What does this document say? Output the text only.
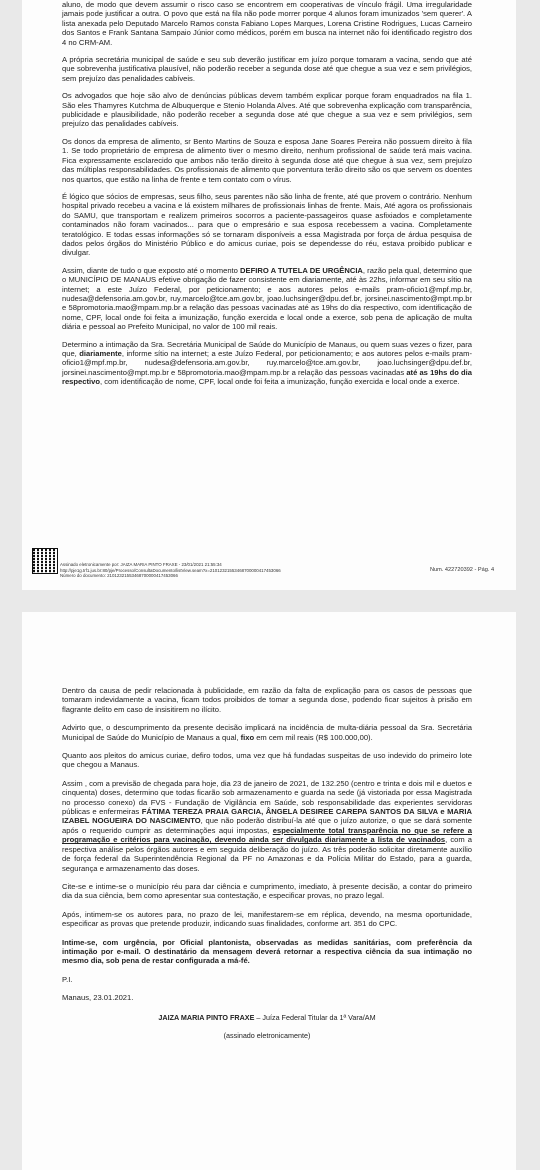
aluno, de modo que devem assumir o risco caso se encontrem em cooperativas de vínculo frágil. Uma irregularidade jamais pode justificar a outra. O povo que está na fila não pode morrer porque 4 alunos foram imunizados 'sem querer'. A lista anexada pelo Deputado Marcelo Ramos consta Fabiano Lopes Marques, Lorena Cristine Rodrigues, Lucas Carneiro dos Santos e Frank Santana Sampaio Júnior como médicos, porém em busca na internet não foi identificado registro dos 4 no CRM-AM.

A própria secretária municipal de saúde e seu sub deverão justificar em juízo porque tomaram a vacina, sendo que até que sobrevenha justificativa plausível, não poderão receber a segunda dose até que chegue a sua vez e sem privilégios, sem prejuízo das penalidades cabíveis.

Os advogados que hoje são alvo de denúncias públicas devem também explicar porque foram enquadrados na fila 1. São eles Thamyres Kutchma de Albuquerque e Stenio Holanda Alves. Até que sobrevenha explicação com transparência, publicidade e plausibilidade, não poderão receber a segunda dose até que chegue a sua vez e sem privilégios, sem prejuízo das penalidades cabíveis.

Os donos da empresa de alimento, sr Bento Martins de Souza e esposa Jane Soares Pereira não possuem direito à fila 1. Se todo proprietário de empresa de alimento tiver o mesmo direito, nenhum profissional de saúde terá mais vacina. Fica expressamente esclarecido que ambos não terão direito à segunda dose até que chegue à sua vez, sem prejuízo das múltiplas responsabilidades. Os profissionais de alimento que porventura terão direito são os que servem os doentes nos quartos, que estão na linha de frente e tem contato com o vírus.

É lógico que sócios de empresas, seus filho, seus parentes não são linha de frente, até que provem o contrário. Nenhum hospital privado recebeu a vacina e lá existem milhares de profissionais linhas de frente. Mais, Até agora os profissionais do SAMU, que transportam e realizem primeiros socorros a paciente-passageiros quase asfixiados e completamente contaminados não foram vacinados... para que o empresário e sua esposa recebessem a vacina. Completamente teratológico. E todas essas informações só se tornaram disponíveis a essa Magistrada por força de árdua pesquisa de dados pelos órgãos do Ministério Público e do amicus curiae, pois se dependesse do réu, estava proibido publicar e divulgar.

Assim, diante de tudo o que exposto até o momento DEFIRO A TUTELA DE URGÊNCIA, razão pela qual, determino que o MUNICÍPIO DE MANAUS efetive obrigação de fazer consistente em diariamente, até às 22hs, informar em seu sítio na internet; a este Juízo Federal, por peticionamento; e aos autores pelos e-mails pram-oficio1@mpf.mp.br, nudesa@defensoria.am.gov.br, ruy.marcelo@tce.am.gov.br, joao.luchsinger@dpu.def.br, jorsinei.nascimento@mpt.mp.br e 58promotoria.mao@mpam.mp.br a relação das pessoas vacinadas até as 19hs do dia respectivo, com identificação de nome, CPF, local onde foi feita a imunização, função exercida e local onde a exerce, sob pena de aplicação de multa diária e pessoal ao Prefeito Municipal, no valor de 100 mil reais.

Determino a intimação da Sra. Secretária Municipal de Saúde do Município de Manaus, ou quem suas vezes o fizer, para que, diariamente, informe sítio na internet; a este Juízo Federal, por peticionamento; e aos autores pelos e-mails pram-oficio1@mpf.mp.br, nudesa@defensoria.am.gov.br, ruy.marcelo@tce.am.gov.br, joao.luchsinger@dpu.def.br, jorsinei.nascimento@mpt.mp.br e 58promotoria.mao@mpam.mp.br a relação das pessoas vacinadas até as 19hs do dia respectivo, com identificação de nome, CPF, local onde foi feita a imunização, função exercida e local onde a exerce.

Assinado eletronicamente por: JAIZA MARIA PINTO FRAXE - 23/01/2021 21:55:34
http://pje1g.trf1.jus.br:80/pje/Processo/ConsultaDocumento/listView.seam?x=21012321553468700000417453066
Número do documento: 21012321553468700000417453066
Num. 422720392 - Pág. 4

Dentro da causa de pedir relacionada à publicidade, em razão da falta de explicação para os casos de pessoas que tomaram indevidamente a vacina, ficam todos proibidos de tomar a segunda dose, podendo ficar sujeitos à prisão em flagrante delito em caso de insisitirem no ilícito.

Advirto que, o descumprimento da presente decisão implicará na incidência de multa-diária pessoal da Sra. Secretária Municipal de Saúde do Município de Manaus a qual, fixo em cem mil reais (R$ 100.000,00).

Quanto aos pleitos do amicus curiae, defiro todos, uma vez que há fundadas suspeitas de uso indevido do primeiro lote que chegou a Manaus.

Assim , com a previsão de chegada para hoje, dia 23 de janeiro de 2021, de 132.250 (centro e trinta e dois mil e duetos e cinquenta) doses, determino que todas ficarão sob armazenamento e guarda na sede (já vistoriada por essa Magistrada no processo conexo) da FVS - Fundação de Vigilância em Saúde, sob responsabilidade das experientes servidoras públicas e enfermeiras FÁTIMA TEREZA PRAIA GARCIA, ÂNGELA DESIREE CAREPA SANTOS DA SILVA e MARIA IZABEL NOGUEIRA DO NASCIMENTO, que não poderão distribuí-la até que o juízo autorize, o que se dará somente após o requerido cumprir as determinações aqui impostas, especialmente total transparência no que se refere a programação e critérios para vacinação, devendo ainda ser divulgada diariamente a lista de vacinados, com a respectiva análise pelos órgãos autores e em seguida deliberação do juízo. As três poderão solicitar diretamente auxílio de força federal da Superintendência Regional da PF no Amazonas e da Polícia Militar do Estado, para a guarda, segurança e armazenamento das doses.

Cite-se e intime-se o município réu para dar ciência e cumprimento, imediato, à presente decisão, a contar do primeiro dia da sua ciência, bem como apresentar sua contestação, e especificar provas, no prazo legal.

Após, intimem-se os autores para, no prazo de lei, manifestarem-se em réplica, devendo, na mesma oportunidade, especificar as provas que pretende produzir, indicando suas finalidades, conforme art. 351 do CPC.

Intime-se, com urgência, por Oficial plantonista, observadas as medidas sanitárias, com preferência da intimação por e-mail. O destinatário da mensagem deverá retornar a respectiva ciência da sua intimação no mesmo dia, sob pena de restar configurada a má-fé.

P.I.

Manaus, 23.01.2021.

JAIZA MARIA PINTO FRAXE – Juíza Federal Titular da 1ª Vara/AM

(assinado eletronicamente)
